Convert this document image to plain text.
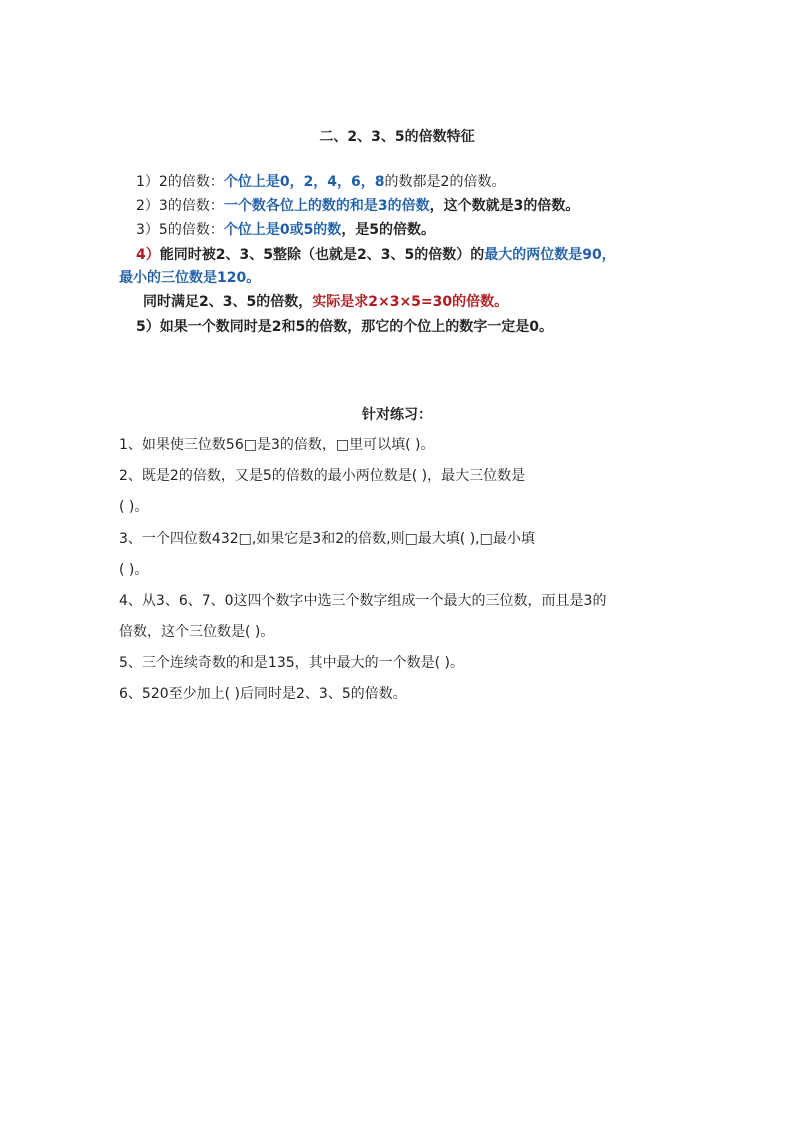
二、2、3、5的倍数特征
1）2的倍数：个位上是0，2，4，6，8的数都是2的倍数。
2）3的倍数：一个数各位上的数的和是3的倍数，这个数就是3的倍数。
3）5的倍数：个位上是0或5的数，是5的倍数。
4）能同时被2、3、5整除（也就是2、3、5的倍数）的最大的两位数是90，
最小的三位数是120。
同时满足2、3、5的倍数，实际是求2×3×5=30的倍数。
5）如果一个数同时是2和5的倍数，那它的个位上的数字一定是0。
针对练习：
1、如果使三位数56□是3的倍数，□里可以填( )。
2、既是2的倍数，又是5的倍数的最小两位数是( )，最大三位数是
( )。
3、一个四位数432□,如果它是3和2的倍数,则□最大填( ),□最小填
( )。
4、从3、6、7、0这四个数字中选三个数字组成一个最大的三位数，而且是3的
倍数，这个三位数是( )。
5、三个连续奇数的和是135，其中最大的一个数是( )。
6、520至少加上( )后同时是2、3、5的倍数。
